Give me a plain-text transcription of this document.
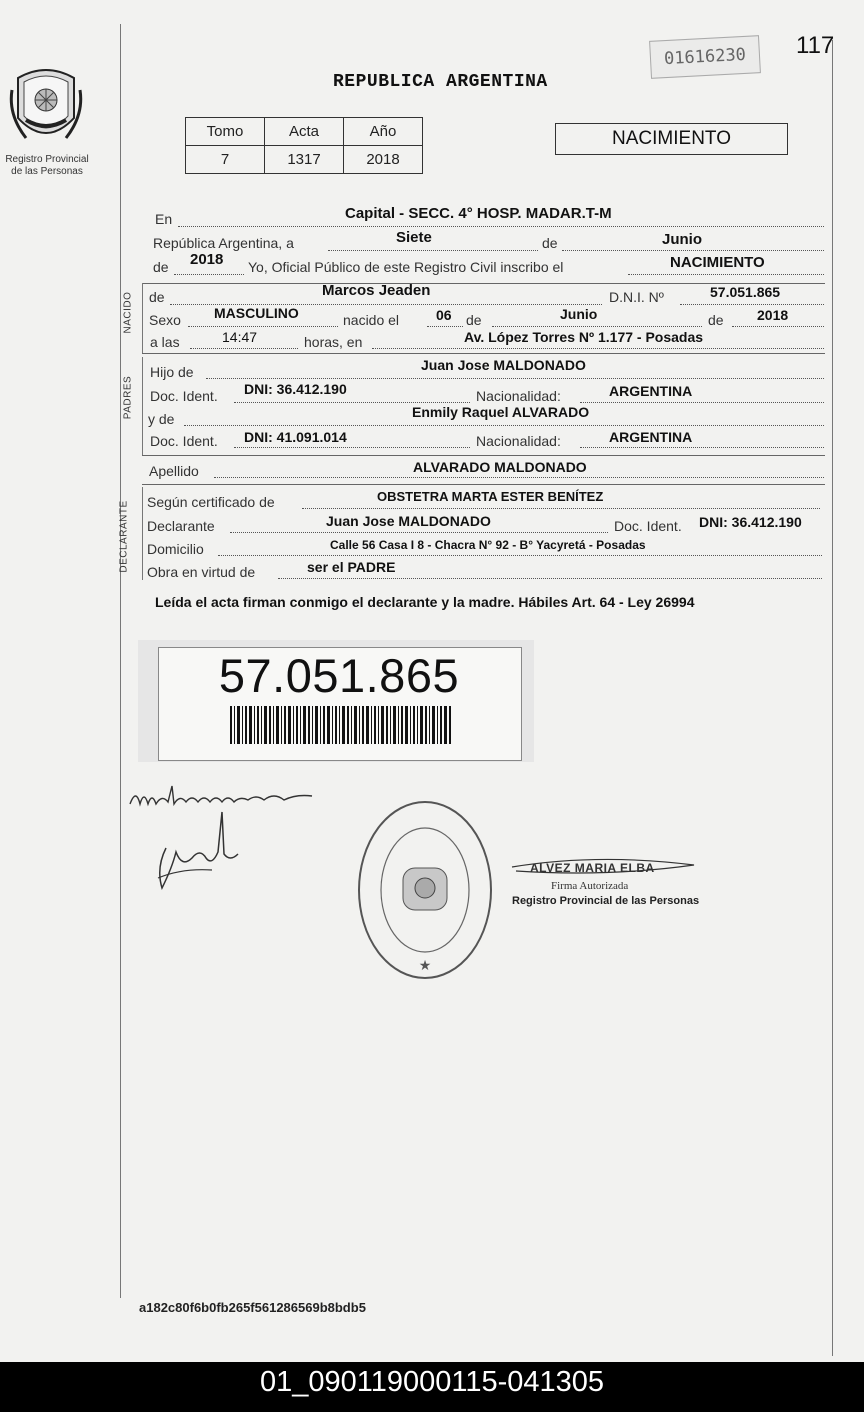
Registro Provincial de las Personas
REPUBLICA ARGENTINA
01616230	117
Tomo	Acta	Año
7	1317	2018
NACIMIENTO
En	Capital - SECC. 4° HOSP. MADAR.T-M
República Argentina, a	Siete	de	Junio
de 2018 Yo, Oficial Público de este Registro Civil inscribo el	NACIMIENTO
NACIDO de	Marcos Jeaden	D.N.I. Nº	57.051.865
Sexo MASCULINO	nacido el	06 de	Junio	de 2018
a las	14:47	horas, en	Av. López Torres Nº 1.177 - Posadas
PADRES
Hijo de	Juan Jose MALDONADO
Doc. Ident. DNI: 36.412.190	Nacionalidad:	ARGENTINA
y de	Enmily Raquel ALVARADO
Doc. Ident. DNI: 41.091.014	Nacionalidad:	ARGENTINA
Apellido	ALVARADO MALDONADO
DECLARANTE Según certificado de	OBSTETRA MARTA ESTER BENÍTEZ
Declarante	Juan Jose MALDONADO	Doc. Ident. DNI: 36.412.190
Domicilio	Calle 56 Casa I 8 - Chacra N° 92 - B° Yacyretá - Posadas
Obra en virtud de	ser el PADRE
Leída el acta firman conmigo el declarante y la madre. Hábiles Art. 64 - Ley 26994
57.051.865
★
ALVEZ MARIA ELBA
Firma Autorizada
Registro Provincial de las Personas
a182c80f6b0fb265f561286569b8bdb5
01_090119000115-041305
